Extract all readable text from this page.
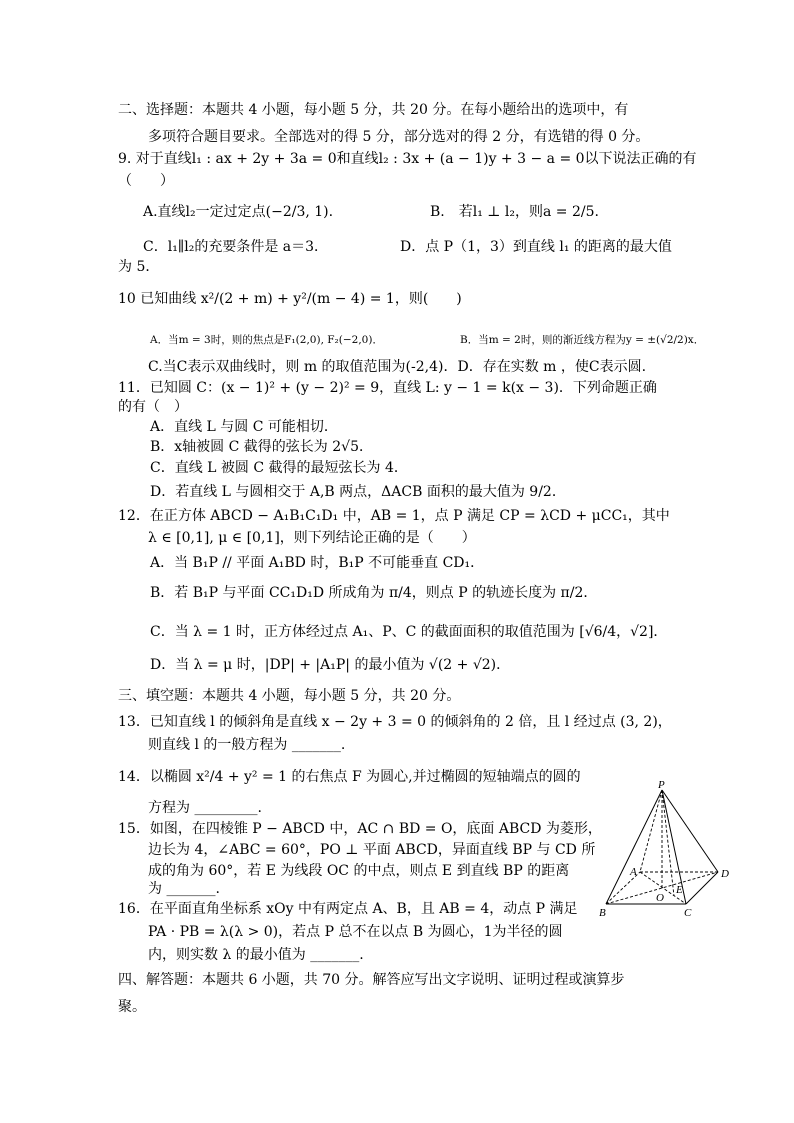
二、选择题：本题共 4 小题，每小题 5 分，共 20 分。在每小题给出的选项中，有
多项符合题目要求。全部选对的得 5 分，部分选对的得 2 分，有选错的得 0 分。
9. 对于直线l₁ : ax + 2y + 3a = 0和直线l₂ : 3x + (a − 1)y + 3 − a = 0以下说法正确的有
（　　）
A.直线l₂一定过定点(−2/3, 1).	B.　若l₁ ⊥ l₂，则a = 2/5.
C．l₁∥l₂的充要条件是 a＝3．	D．点 P（1，3）到直线 l₁ 的距离的最大值
为 5．
10 已知曲线 x²/(2 + m) + y²/(m − 4) = 1，则(　　)
A．当m = 3时，则的焦点是F₁(2,0), F₂(−2,0)．	B．当m = 2时，则的渐近线方程为y = ±(√2/2)x．
C.当C表示双曲线时，则 m 的取值范围为(-2,4)．D．存在实数 m ，使C表示圆.
11．已知圆 C：(x − 1)² + (y − 2)² = 9，直线 L: y − 1 = k(x − 3)．下列命题正确
的有（　）
A．直线 L 与圆 C 可能相切．
B．x轴被圆 C 截得的弦长为 2√5．
C．直线 L 被圆 C 截得的最短弦长为 4．
D．若直线 L 与圆相交于 A,B 两点，ΔACB 面积的最大值为 9/2．
12．在正方体 ABCD − A₁B₁C₁D₁ 中，AB = 1，点 P 满足 CP = λCD + μCC₁，其中
λ ∈ [0,1], μ ∈ [0,1]，则下列结论正确的是（　　）
A．当 B₁P // 平面 A₁BD 时，B₁P 不可能垂直 CD₁．
B．若 B₁P 与平面 CC₁D₁D 所成角为 π/4，则点 P 的轨迹长度为 π/2．
C．当 λ = 1 时，正方体经过点 A₁、P、C 的截面面积的取值范围为 [√6/4，√2]．
D．当 λ = μ 时，|DP| + |A₁P| 的最小值为 √(2 + √2)．
三、填空题：本题共 4 小题，每小题 5 分，共 20 分。
13．已知直线 l 的倾斜角是直线 x − 2y + 3 = 0 的倾斜角的 2 倍，且 l 经过点 (3, 2)，
则直线 l 的一般方程为 _______.
14．以椭圆 x²/4 + y² = 1 的右焦点 F 为圆心,并过椭圆的短轴端点的圆的
方程为 _________.
15．如图，在四棱锥 P − ABCD 中，AC ∩ BD = O，底面 ABCD 为菱形，
边长为 4，∠ABC = 60°，PO ⊥ 平面 ABCD，异面直线 BP 与 CD 所
成的角为 60°，若 E 为线段 OC 的中点，则点 E 到直线 BP 的距离
为 _______.
16．在平面直角坐标系 xOy 中有两定点 A、B，且 AB = 4，动点 P 满足
PA · PB = λ(λ > 0)，若点 P 总不在以点 B 为圆心，1为半径的圆
内，则实数 λ 的最小值为 _______.
四、解答题：本题共 6 小题，共 70 分。解答应写出文字说明、证明过程或演算步
聚。
P
A
B	C
D
O
E
